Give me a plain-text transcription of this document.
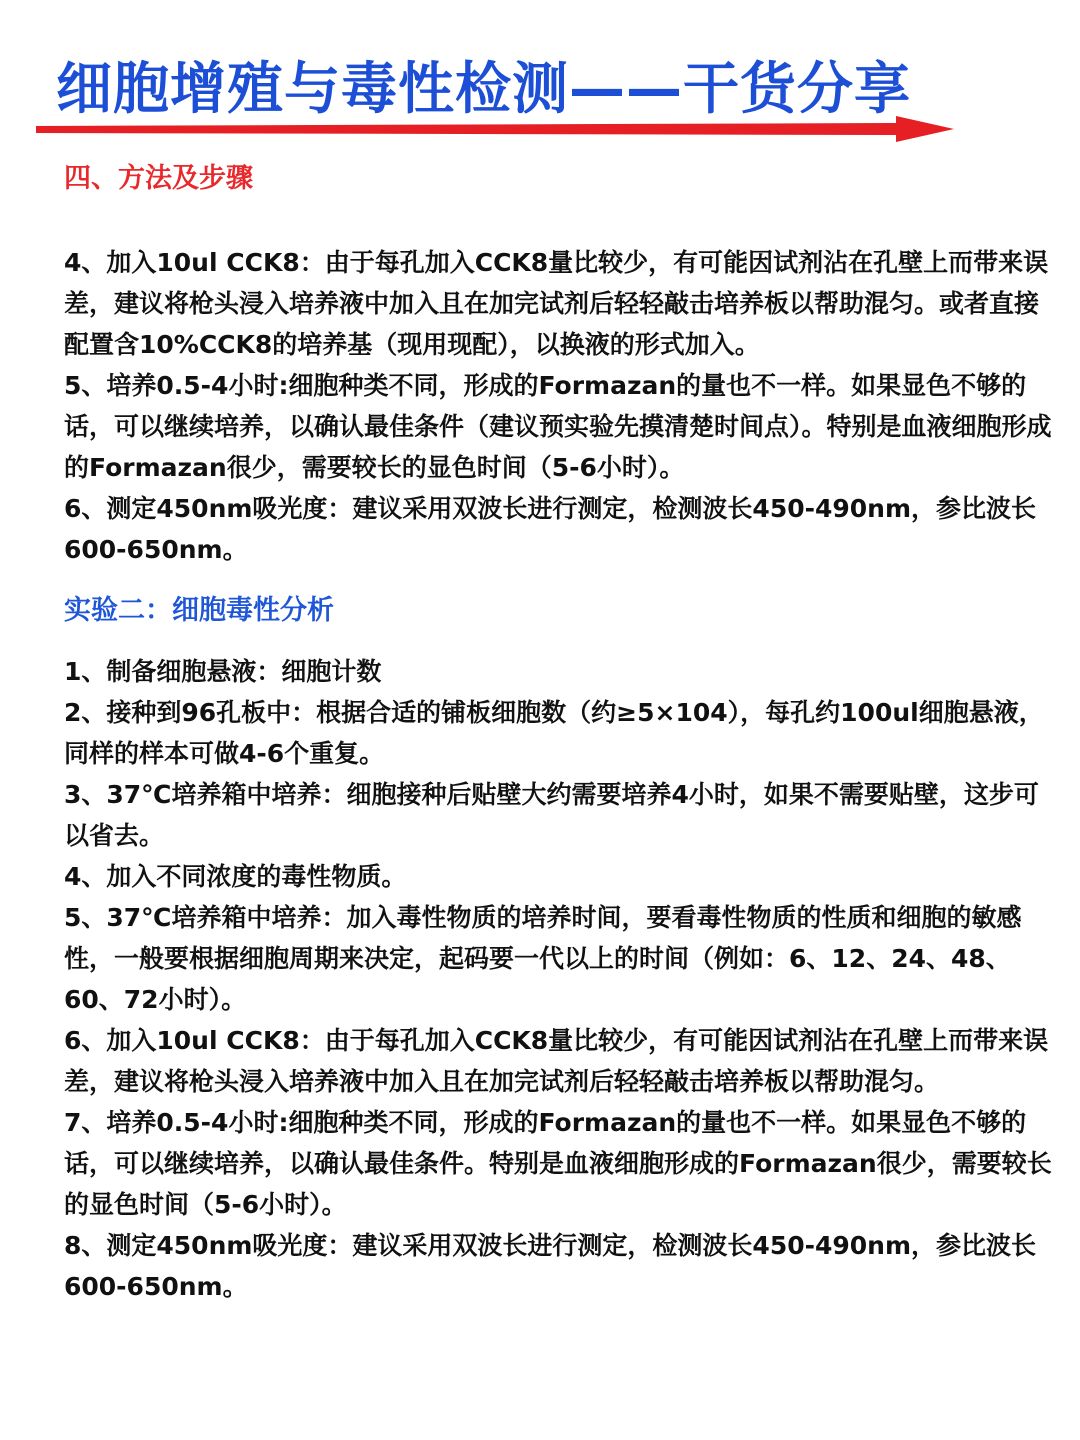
细胞增殖与毒性检测——干货分享

四、方法及步骤

4、加入10ul CCK8：由于每孔加入CCK8量比较少，有可能因试剂沾在孔壁上而带来误差，建议将枪头浸入培养液中加入且在加完试剂后轻轻敲击培养板以帮助混匀。或者直接配置含10%CCK8的培养基（现用现配），以换液的形式加入。

5、培养0.5-4小时:细胞种类不同，形成的Formazan的量也不一样。如果显色不够的话，可以继续培养，以确认最佳条件（建议预实验先摸清楚时间点）。特别是血液细胞形成的Formazan很少，需要较长的显色时间（5-6小时）。

6、测定450nm吸光度：建议采用双波长进行测定，检测波长450-490nm，参比波长600-650nm。

实验二：细胞毒性分析

1、制备细胞悬液：细胞计数

2、接种到96孔板中：根据合适的铺板细胞数（约≥5×104），每孔约100ul细胞悬液，同样的样本可做4-6个重复。

3、37℃培养箱中培养：细胞接种后贴壁大约需要培养4小时，如果不需要贴壁，这步可以省去。

4、加入不同浓度的毒性物质。

5、37℃培养箱中培养：加入毒性物质的培养时间，要看毒性物质的性质和细胞的敏感性，一般要根据细胞周期来决定，起码要一代以上的时间（例如：6、12、24、48、60、72小时）。

6、加入10ul CCK8：由于每孔加入CCK8量比较少，有可能因试剂沾在孔壁上而带来误差，建议将枪头浸入培养液中加入且在加完试剂后轻轻敲击培养板以帮助混匀。

7、培养0.5-4小时:细胞种类不同，形成的Formazan的量也不一样。如果显色不够的话，可以继续培养，以确认最佳条件。特别是血液细胞形成的Formazan很少，需要较长的显色时间（5-6小时）。

8、测定450nm吸光度：建议采用双波长进行测定，检测波长450-490nm，参比波长600-650nm。
